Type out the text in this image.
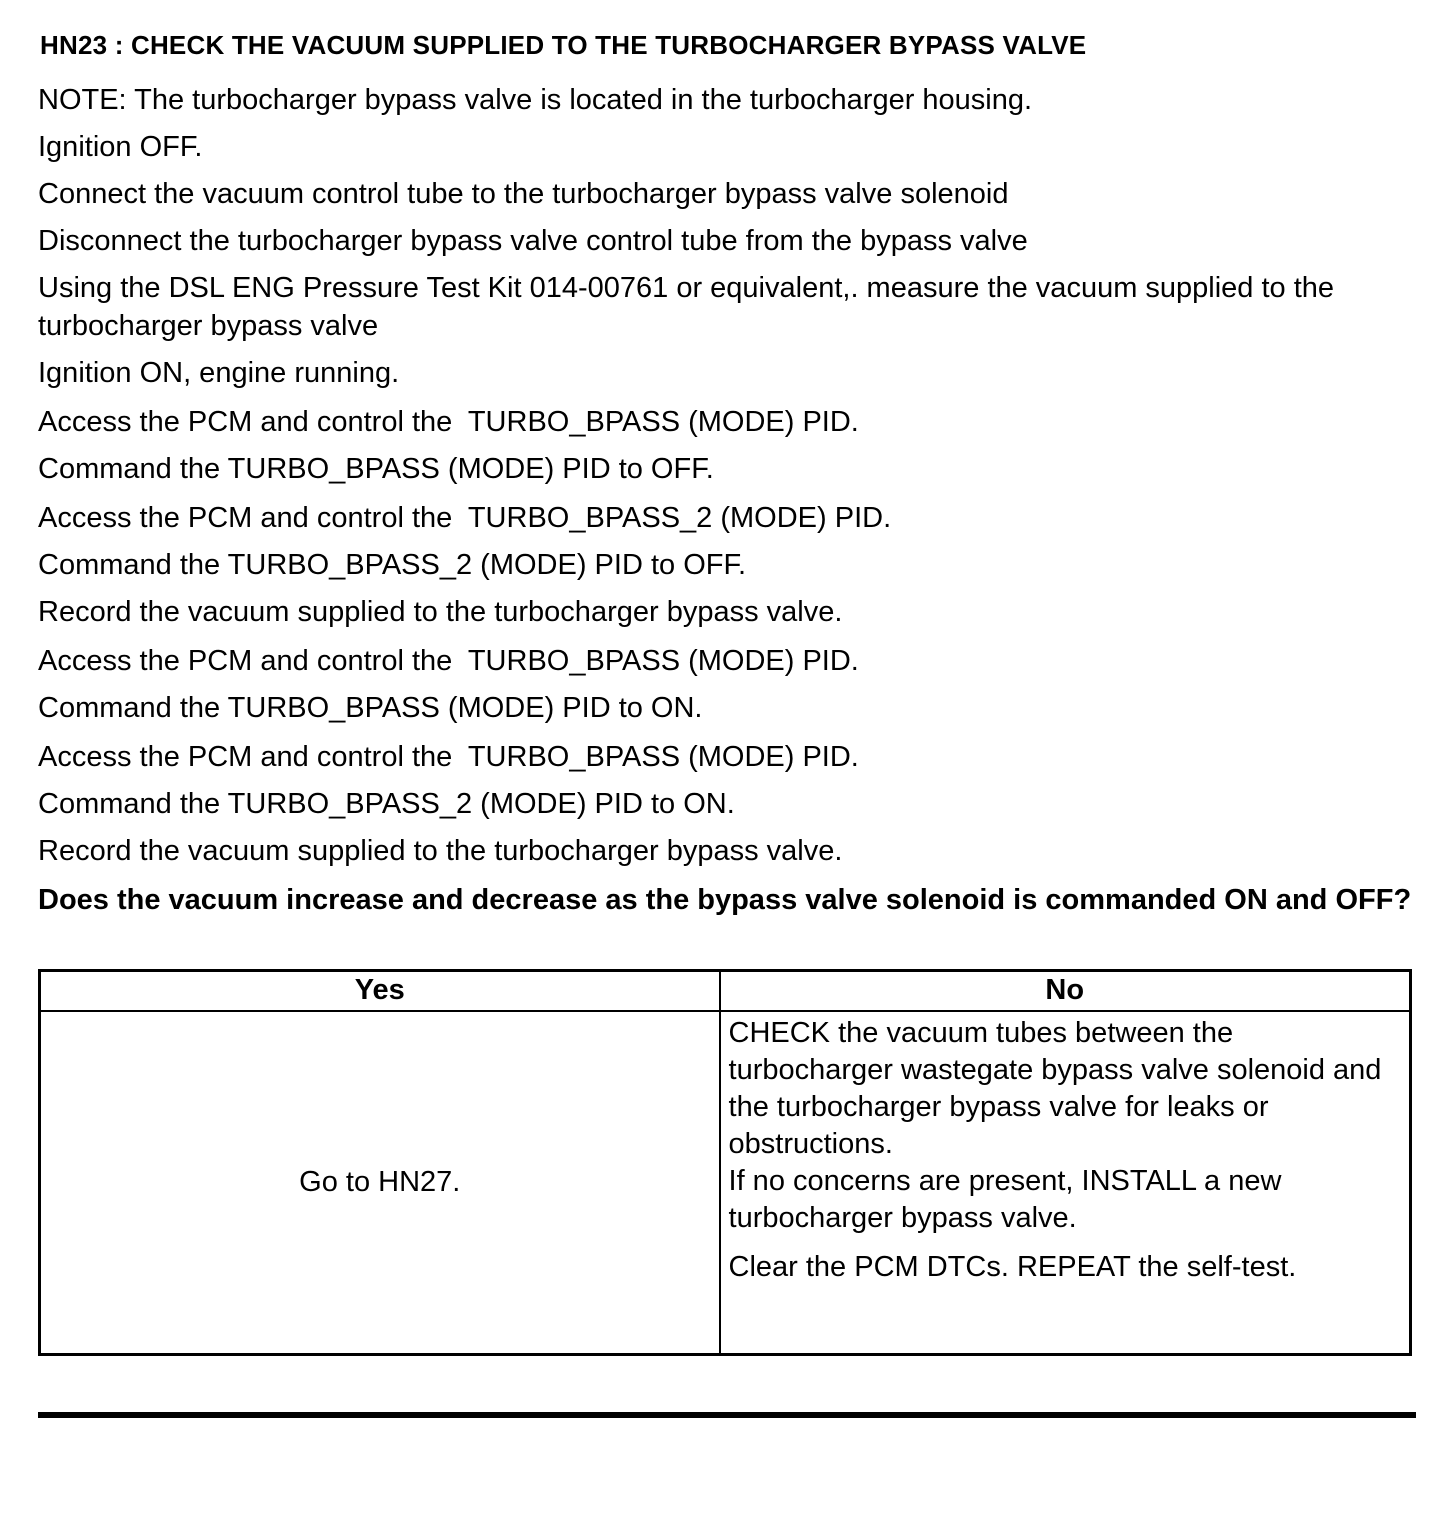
HN23 : CHECK THE VACUUM SUPPLIED TO THE TURBOCHARGER BYPASS VALVE

NOTE: The turbocharger bypass valve is located in the turbocharger housing.

Ignition OFF.

Connect the vacuum control tube to the turbocharger bypass valve solenoid

Disconnect the turbocharger bypass valve control tube from the bypass valve

Using the DSL ENG Pressure Test Kit 014-00761 or equivalent,. measure the vacuum supplied to the turbocharger bypass valve

Ignition ON, engine running.

Access the PCM and control the  TURBO_BPASS (MODE) PID.

Command the TURBO_BPASS (MODE) PID to OFF.

Access the PCM and control the  TURBO_BPASS_2 (MODE) PID.

Command the TURBO_BPASS_2 (MODE) PID to OFF.

Record the vacuum supplied to the turbocharger bypass valve.

Access the PCM and control the  TURBO_BPASS (MODE) PID.

Command the TURBO_BPASS (MODE) PID to ON.

Access the PCM and control the  TURBO_BPASS (MODE) PID.

Command the TURBO_BPASS_2 (MODE) PID to ON.

Record the vacuum supplied to the turbocharger bypass valve.

Does the vacuum increase and decrease as the bypass valve solenoid is commanded ON and OFF?

Yes	No
Go to HN27.	CHECK the vacuum tubes between the turbocharger wastegate bypass valve solenoid and the turbocharger bypass valve for leaks or obstructions.

If no concerns are present, INSTALL a new turbocharger bypass valve.

Clear the PCM DTCs. REPEAT the self-test.
